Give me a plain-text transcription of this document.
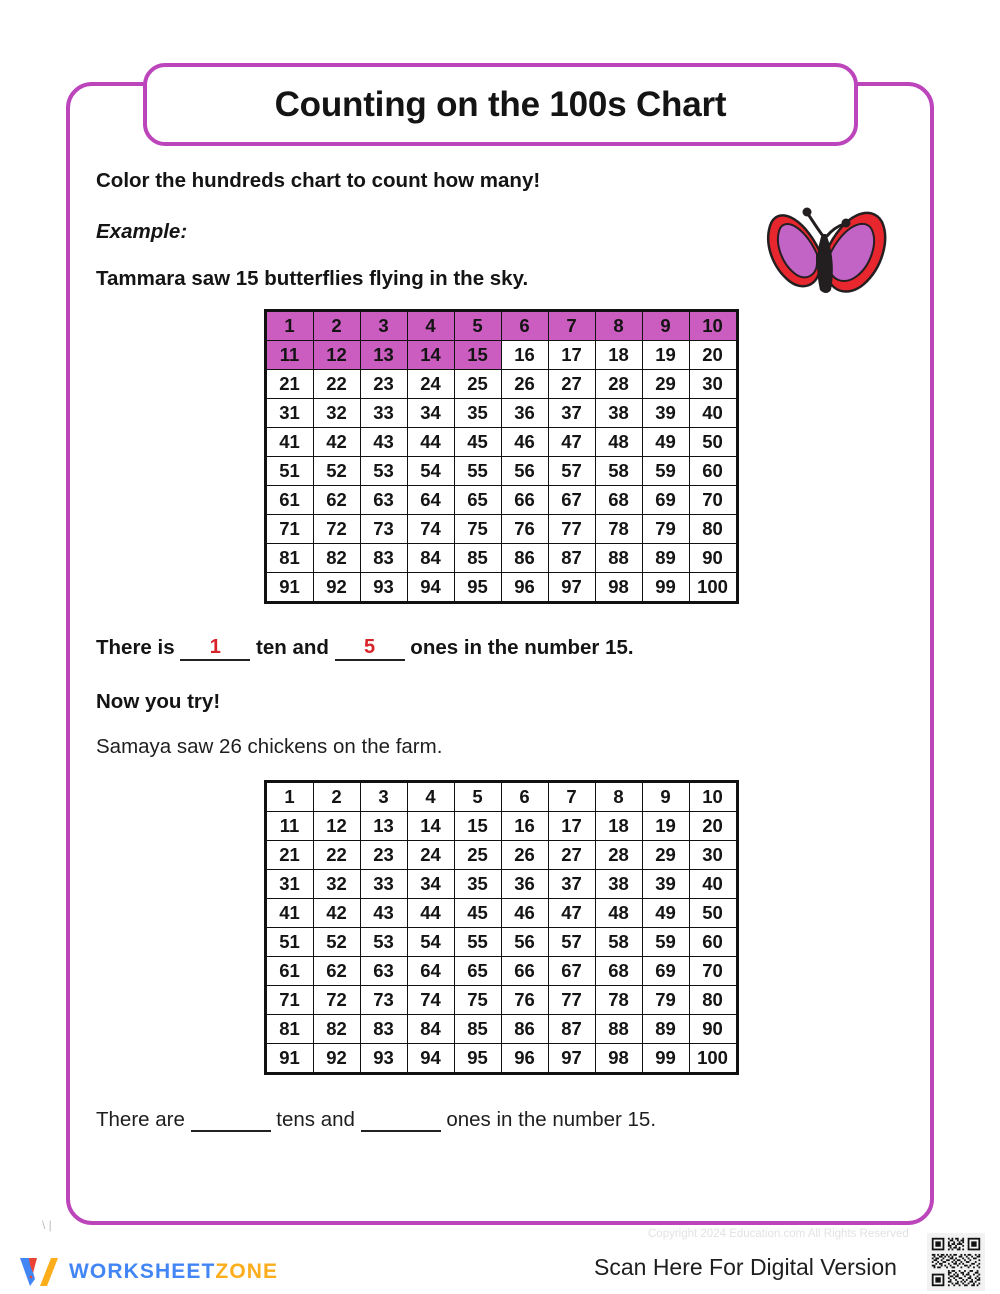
Counting on the 100s Chart

Color the hundreds chart to count how many!

Example:

Tammara saw 15 butterflies flying in the sky.

1	2	3	4	5	6	7	8	9	10
11	12	13	14	15	16	17	18	19	20
21	22	23	24	25	26	27	28	29	30
31	32	33	34	35	36	37	38	39	40
41	42	43	44	45	46	47	48	49	50
51	52	53	54	55	56	57	58	59	60
61	62	63	64	65	66	67	68	69	70
71	72	73	74	75	76	77	78	79	80
81	82	83	84	85	86	87	88	89	90
91	92	93	94	95	96	97	98	99	100
There is	1	ten and	5	ones in the number 15.

Now you try!

Samaya saw 26 chickens on the farm.

1	2	3	4	5	6	7	8	9	10
11	12	13	14	15	16	17	18	19	20
21	22	23	24	25	26	27	28	29	30
31	32	33	34	35	36	37	38	39	40
41	42	43	44	45	46	47	48	49	50
51	52	53	54	55	56	57	58	59	60
61	62	63	64	65	66	67	68	69	70
71	72	73	74	75	76	77	78	79	80
81	82	83	84	85	86	87	88	89	90
91	92	93	94	95	96	97	98	99	100
There are	tens and	ones in the number 15.
\ |
WORKSHEETZONE
Copyright 2024 Education.com All Rights Reserved
Scan Here For Digital Version
